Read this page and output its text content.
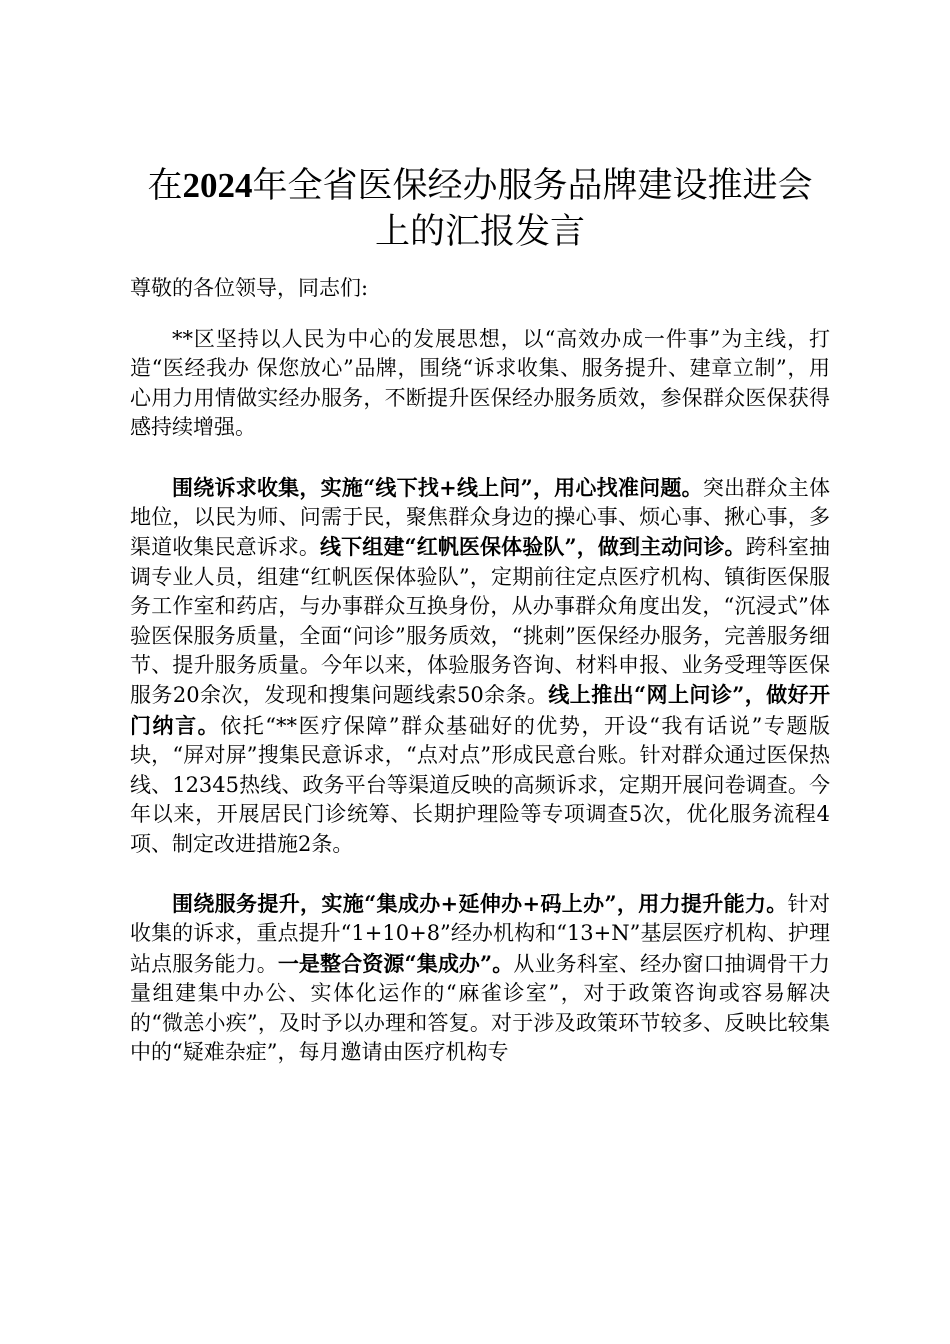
在2024年全省医保经办服务品牌建设推进会上的汇报发言

尊敬的各位领导，同志们:

**区坚持以人民为中心的发展思想，以“高效办成一件事”为主线，打造“医经我办 保您放心”品牌，围绕“诉求收集、服务提升、建章立制”，用心用力用情做实经办服务，不断提升医保经办服务质效，参保群众医保获得感持续增强。

围绕诉求收集，实施“线下找+线上问”，用心找准问题。突出群众主体地位，以民为师、问需于民，聚焦群众身边的操心事、烦心事、揪心事，多渠道收集民意诉求。线下组建“红帆医保体验队”，做到主动问诊。跨科室抽调专业人员，组建“红帆医保体验队”，定期前往定点医疗机构、镇街医保服务工作室和药店，与办事群众互换身份，从办事群众角度出发，“沉浸式”体验医保服务质量，全面“问诊”服务质效，“挑刺”医保经办服务，完善服务细节、提升服务质量。今年以来，体验服务咨询、材料申报、业务受理等医保服务20余次，发现和搜集问题线索50余条。线上推出“网上问诊”，做好开门纳言。依托“**医疗保障”群众基础好的优势，开设“我有话说”专题版块，“屏对屏”搜集民意诉求，“点对点”形成民意台账。针对群众通过医保热线、12345热线、政务平台等渠道反映的高频诉求，定期开展问卷调查。今年以来，开展居民门诊统筹、长期护理险等专项调查5次，优化服务流程4项、制定改进措施2条。

围绕服务提升，实施“集成办+延伸办+码上办”，用力提升能力。针对收集的诉求，重点提升“1+10+8”经办机构和“13+N”基层医疗机构、护理站点服务能力。一是整合资源“集成办”。从业务科室、经办窗口抽调骨干力量组建集中办公、实体化运作的“麻雀诊室”，对于政策咨询或容易解决的“微恙小疾”，及时予以办理和答复。对于涉及政策环节较多、反映比较集中的“疑难杂症”，每月邀请由医疗机构专
